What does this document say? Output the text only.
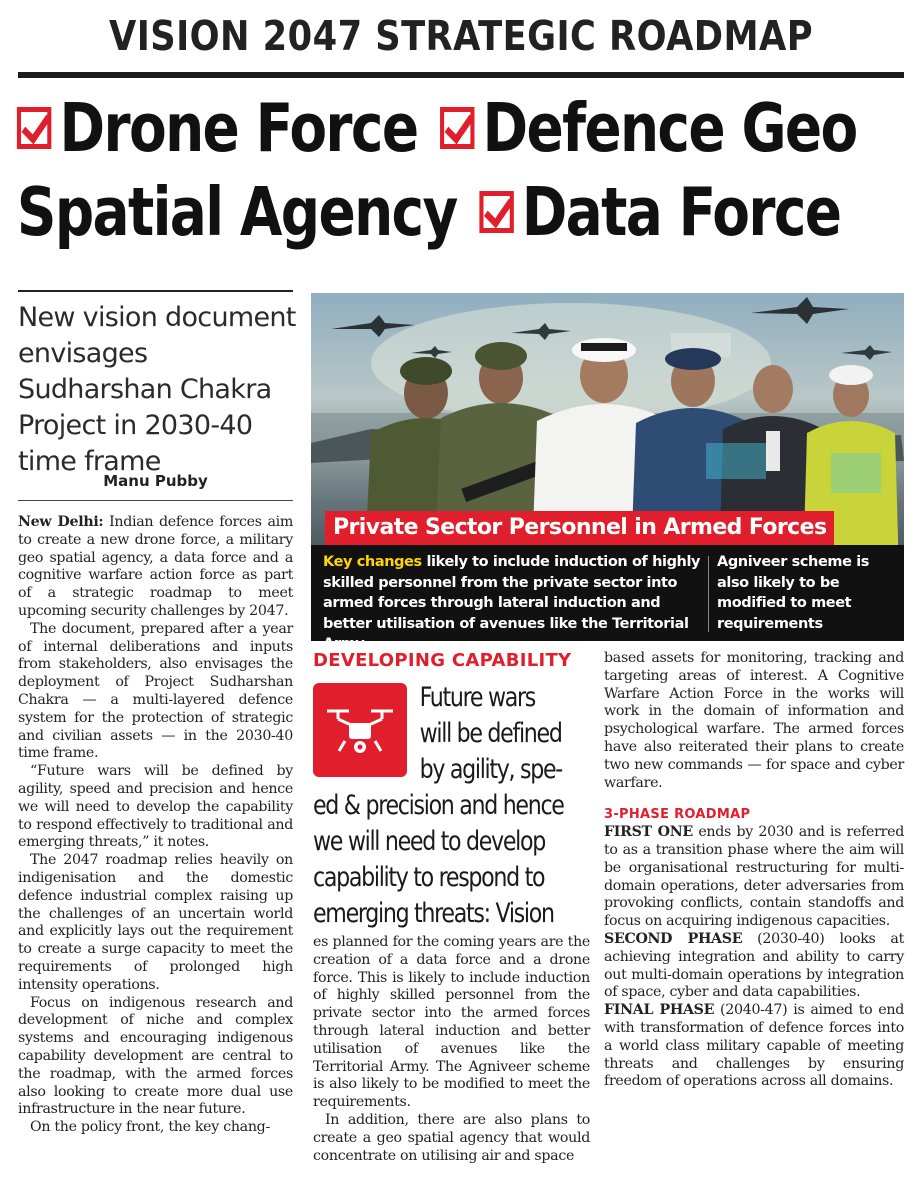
VISION 2047 STRATEGIC ROADMAP
Drone Force Defence Geo
Spatial Agency Data Force
New vision document envisages Sudharshan Chakra Project in 2030-40 time frame
Manu Pubby

New Delhi: Indian defence forces aim to create a new drone force, a military geo spatial agency, a data force and a cognitive warfare action force as part of a strategic roadmap to meet upcoming security challenges by 2047.

The document, prepared after a year of internal deliberations and inputs from stakeholders, also envisages the deployment of Project Sudharshan Chakra — a multi-layered defence system for the protection of strategic and civilian assets — in the 2030-40 time frame.

“Future wars will be defined by agility, speed and precision and hence we will need to develop the capability to respond effectively to traditional and emerging threats,” it notes.

The 2047 roadmap relies heavily on indigenisation and the domestic defence industrial complex raising up the challenges of an uncertain world and explicitly lays out the requirement to create a surge capacity to meet the requirements of prolonged high intensity operations.

Focus on indigenous research and development of niche and complex systems and encouraging indigenous capability development are central to the roadmap, with the armed forces also looking to create more dual use infrastructure in the near future.

On the policy front, the key chang-

Private Sector Personnel in Armed Forces
Key changes likely to include induction of highly skilled personnel from the private sector into armed forces through lateral induction and better utilisation of avenues like the Territorial Army
Agniveer scheme is also likely to be modified to meet requirements
DEVELOPING CAPABILITY
Future wars
will be defined
by agility, spe-
ed & precision and hence
we will need to develop
capability to respond to
emerging threats: Vision

es planned for the coming years are the creation of a data force and a drone force. This is likely to include induction of highly skilled personnel from the private sector into the armed forces through lateral induction and better utilisation of avenues like the Territorial Army. The Agniveer scheme is also likely to be modified to meet the requirements.

In addition, there are also plans to create a geo spatial agency that would concentrate on utilising air and space

based assets for monitoring, tracking and targeting areas of interest. A Cognitive Warfare Action Force in the works will work in the domain of information and psychological warfare. The armed forces have also reiterated their plans to create two new commands — for space and cyber warfare.

3-PHASE ROADMAP

FIRST ONE ends by 2030 and is referred to as a transition phase where the aim will be organisational restructuring for multi-domain operations, deter adversaries from provoking conflicts, contain standoffs and focus on acquiring indigenous capacities.

SECOND PHASE (2030-40) looks at achieving integration and ability to carry out multi-domain operations by integration of space, cyber and data capabilities.

FINAL PHASE (2040-47) is aimed to end with transformation of defence forces into a world class military capable of meeting threats and challenges by ensuring freedom of operations across all domains.
